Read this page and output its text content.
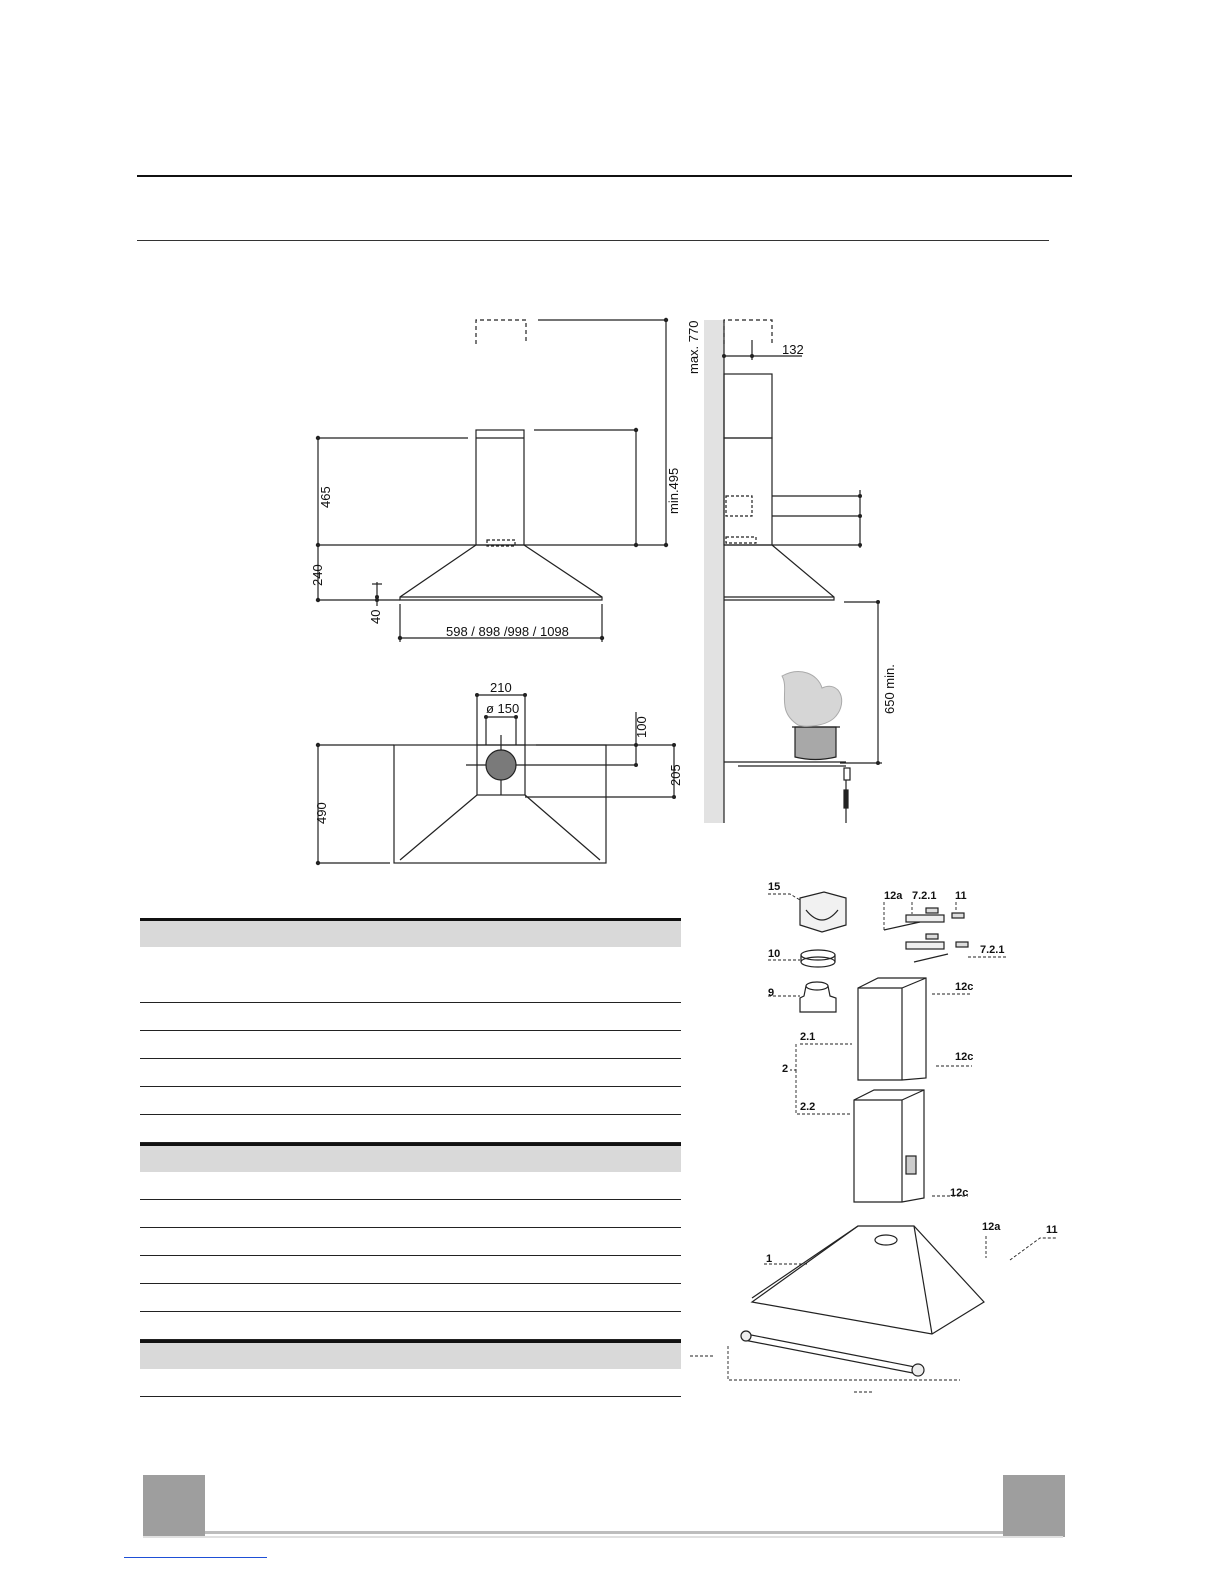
max. 770
min.495
465
240
40
598 / 898 /998 / 1098
210
ø 150
100
205
490
132
650 min.
15
12a 7.2.1 11
7.2.1
10
9	12c
2.1
2
12c
2.2
12c
12a	11
1
